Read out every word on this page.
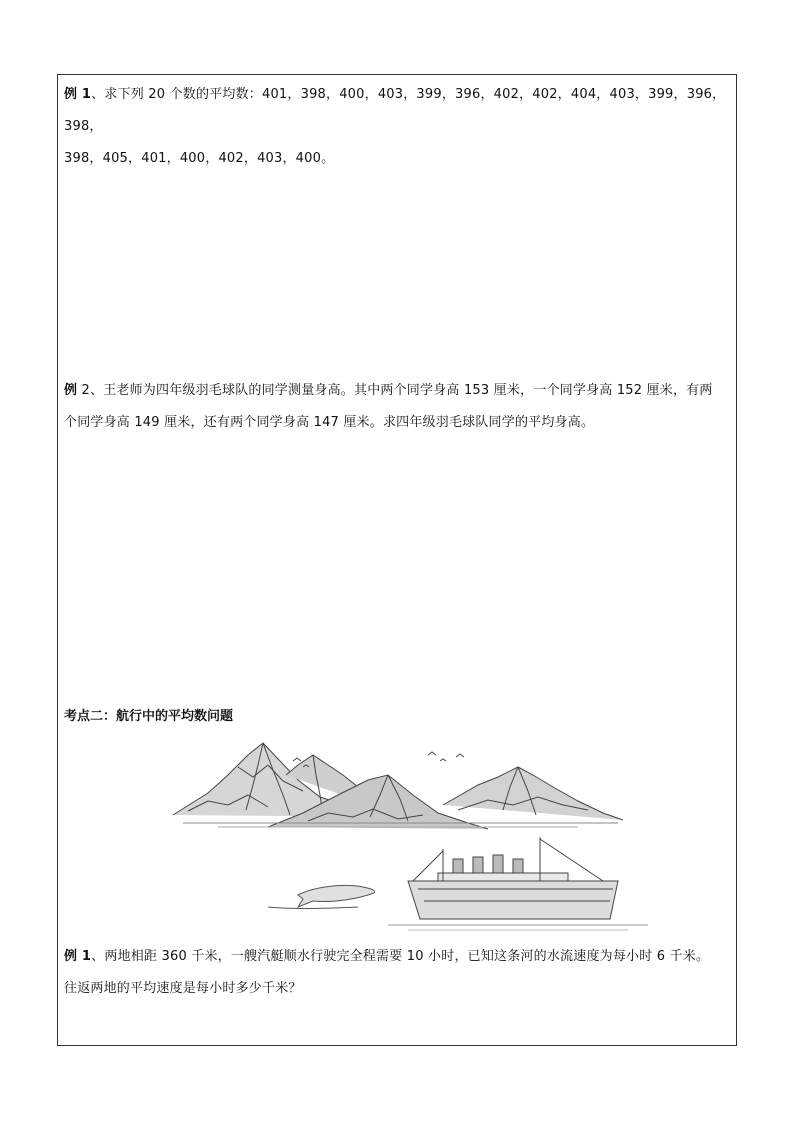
例 1、求下列 20 个数的平均数：401，398，400，403，399，396，402，402，404，403，399，396，398，
398，405，401，400，402，403，400。
例 2、王老师为四年级羽毛球队的同学测量身高。其中两个同学身高 153 厘米，一个同学身高 152 厘米，有两
个同学身高 149 厘米，还有两个同学身高 147 厘米。求四年级羽毛球队同学的平均身高。
考点二：航行中的平均数问题
例 1、两地相距 360 千米，一艘汽艇顺水行驶完全程需要 10 小时，已知这条河的水流速度为每小时 6 千米。
往返两地的平均速度是每小时多少千米？
